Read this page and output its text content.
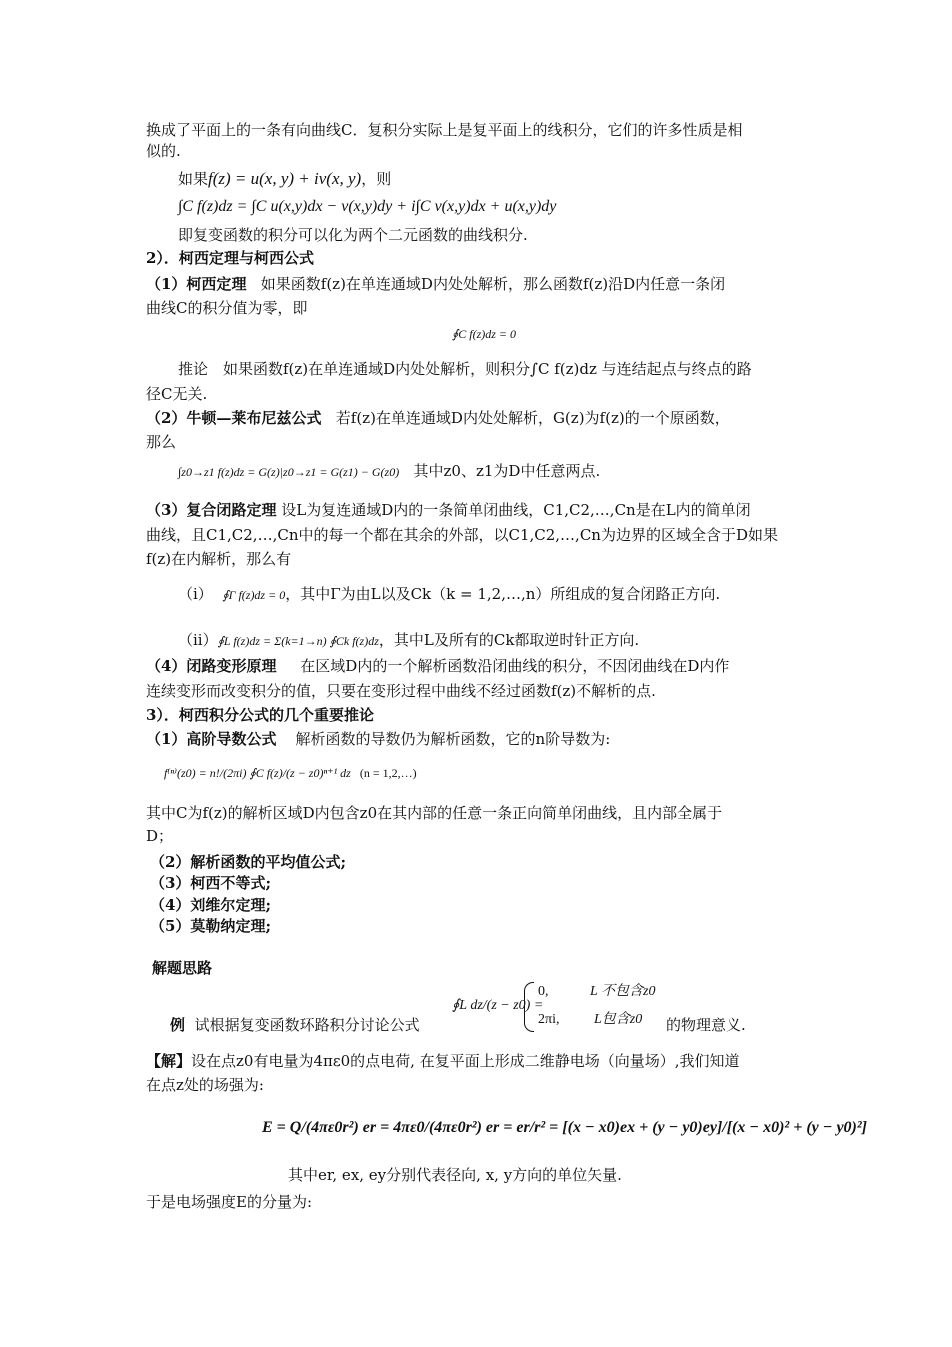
换成了平面上的一条有向曲线C．复积分实际上是复平面上的线积分，它们的许多性质是相
似的.
如果f(z) = u(x, y) + iv(x, y)，则
∫C f(z)dz = ∫C u(x,y)dx − v(x,y)dy + i∫C v(x,y)dx + u(x,y)dy
即复变函数的积分可以化为两个二元函数的曲线积分.
2）．柯西定理与柯西公式
（1）柯西定理 如果函数f(z)在单连通域D内处处解析，那么函数f(z)沿D内任意一条闭
曲线C的积分值为零，即
∮C f(z)dz = 0
推论　如果函数f(z)在单连通域D内处处解析，则积分∫C f(z)dz 与连结起点与终点的路
径C无关.
（2）牛顿—莱布尼兹公式 若f(z)在单连通域D内处处解析，G(z)为f(z)的一个原函数，
那么
∫z0→z1 f(z)dz = G(z)|z0→z1 = G(z1) − G(z0) 其中z0、z1为D中任意两点.
（3）复合闭路定理 设L为复连通域D内的一条简单闭曲线，C1,C2,…,Cn是在L内的简单闭
曲线，且C1,C2,…,Cn中的每一个都在其余的外部，以C1,C2,…,Cn为边界的区域全含于D如果
f(z)在内解析，那么有
（i） ∮Γ f(z)dz = 0，其中Γ为由L以及Ck（k = 1,2,…,n）所组成的复合闭路正方向.
（ii）∮L f(z)dz = Σ(k=1→n) ∮Ck f(z)dz，其中L及所有的Ck都取逆时针正方向.
（4）闭路变形原理 在区域D内的一个解析函数沿闭曲线的积分，不因闭曲线在D内作
连续变形而改变积分的值，只要在变形过程中曲线不经过函数f(z)不解析的点.
3）．柯西积分公式的几个重要推论
（1）高阶导数公式 解析函数的导数仍为解析函数，它的n阶导数为:
f⁽ⁿ⁾(z0) = n!/(2πi) ∮C f(z)/(z − z0)ⁿ⁺¹ dz (n = 1,2,…)
其中C为f(z)的解析区域D内包含z0在其内部的任意一条正向简单闭曲线，且内部全属于
D；
（2）解析函数的平均值公式;
（3）柯西不等式;
（4）刘维尔定理;
（5）莫勒纳定理;
解题思路
例 试根据复变函数环路积分讨论公式
∮L dz/(z − z0) =
0,	L 不包含z0
2πi, L包含z0 的物理意义.
【解】设在点z0有电量为4πε0的点电荷, 在复平面上形成二维静电场（向量场）,我们知道
在点z处的场强为:
E = Q/(4πε0r²) er = 4πε0/(4πε0r²) er = er/r² = [(x − x0)ex + (y − y0)ey]/[(x − x0)² + (y − y0)²]
其中er, ex, ey分别代表径向, x, y方向的单位矢量.
于是电场强度E的分量为:
